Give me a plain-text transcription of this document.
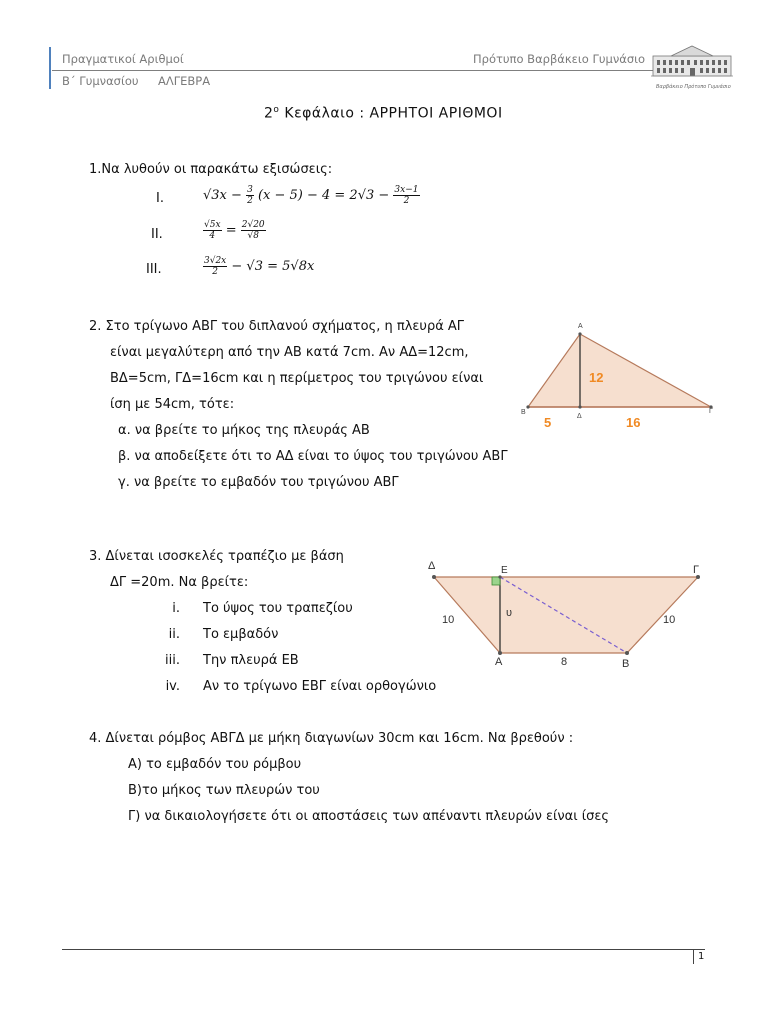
Πραγματικοί Αριθμοί
Β΄ Γυμνασίου ΑΛΓΕΒΡΑ
Πρότυπο Βαρβάκειο Γυμνάσιο
Βαρβάκειο Πρότυπο Γυμνάσιο
$2^o$ Κεφάλαιο : ΑΡΡΗΤΟΙ ΑΡΙΘΜΟΙ
1.Να λυθούν οι παρακάτω εξισώσεις:
I.	$√3x - \frac{3}{2} (x - 5) - 4 = 2√3 - \frac{3x-1}{2}$
II.	$\frac{√5x}{4} = \frac{2√20}{√8}$
III.	$\frac{3√2x}{2} - √3 = 5√8x$
2. Στο τρίγωνο ΑΒΓ του διπλανού σχήματος, η πλευρά ΑΓ
είναι μεγαλύτερη από την ΑΒ κατά 7cm. Αν ΑΔ=12cm,
ΒΔ=5cm, ΓΔ=16cm και η περίμετρος του τριγώνου είναι
ίση με 54cm, τότε:
α. να βρείτε το μήκος της πλευράς ΑΒ
β. να αποδείξετε ότι το ΑΔ είναι το ύψος του τριγώνου ΑΒΓ
γ. να βρείτε το εμβαδόν του τριγώνου ΑΒΓ
Α
Β	Γ
Δ
12
5	16
3. Δίνεται ισοσκελές τραπέζιο με βάση
ΔΓ =20m. Να βρείτε:
i. Το ύψος του τραπεζίου
ii. Το εμβαδόν
iii. Την πλευρά ΕΒ
iv. Αν το τρίγωνο ΕΒΓ είναι ορθογώνιο
Δ	Ε	Γ
Α	Β
10	10
υ
8
4. Δίνεται ρόμβος ΑΒΓΔ με μήκη διαγωνίων 30cm και 16cm. Να βρεθούν :
Α) το εμβαδόν του ρόμβου
Β)το μήκος των πλευρών του
Γ) να δικαιολογήσετε ότι οι αποστάσεις των απέναντι πλευρών είναι ίσες
1
